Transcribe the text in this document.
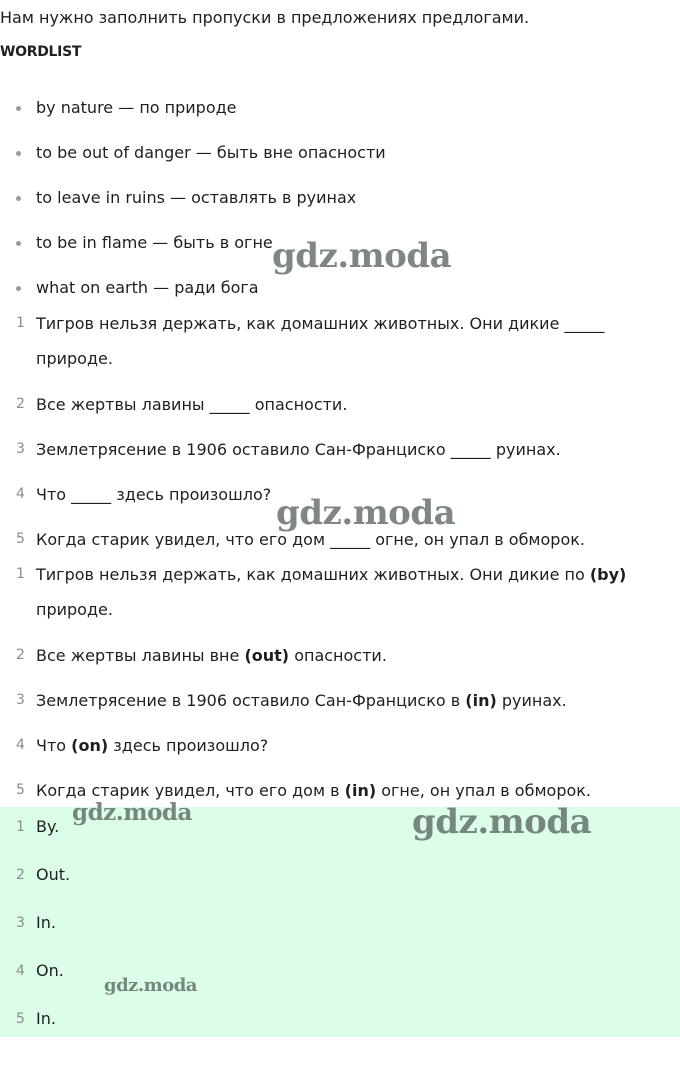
Нам нужно заполнить пропуски в предложениях предлогами.

WORDLIST
by nature — по природе
to be out of danger — быть вне опасности
to leave in ruins — оставлять в руинах
to be in flame — быть в огне
what on earth — ради бога
1 Тигров нельзя держать, как домашних животных. Они дикие _____
природе.
2 Все жертвы лавины _____ опасности.
3 Землетрясение в 1906 оставило Сан-Франциско _____ руинах.
4 Что _____ здесь произошло?
5 Когда старик увидел, что его дом _____ огне, он упал в обморок.
1 Тигров нельзя держать, как домашних животных. Они дикие по (by)
природе.
2 Все жертвы лавины вне (out) опасности.
3 Землетрясение в 1906 оставило Сан-Франциско в (in) руинах.
4 Что (on) здесь произошло?
5 Когда старик увидел, что его дом в (in) огне, он упал в обморок.
1 By.
2 Out.
3 In.
4 On.
5 In.
gdz.moda
gdz.moda
gdz.moda	gdz.moda
gdz.moda
